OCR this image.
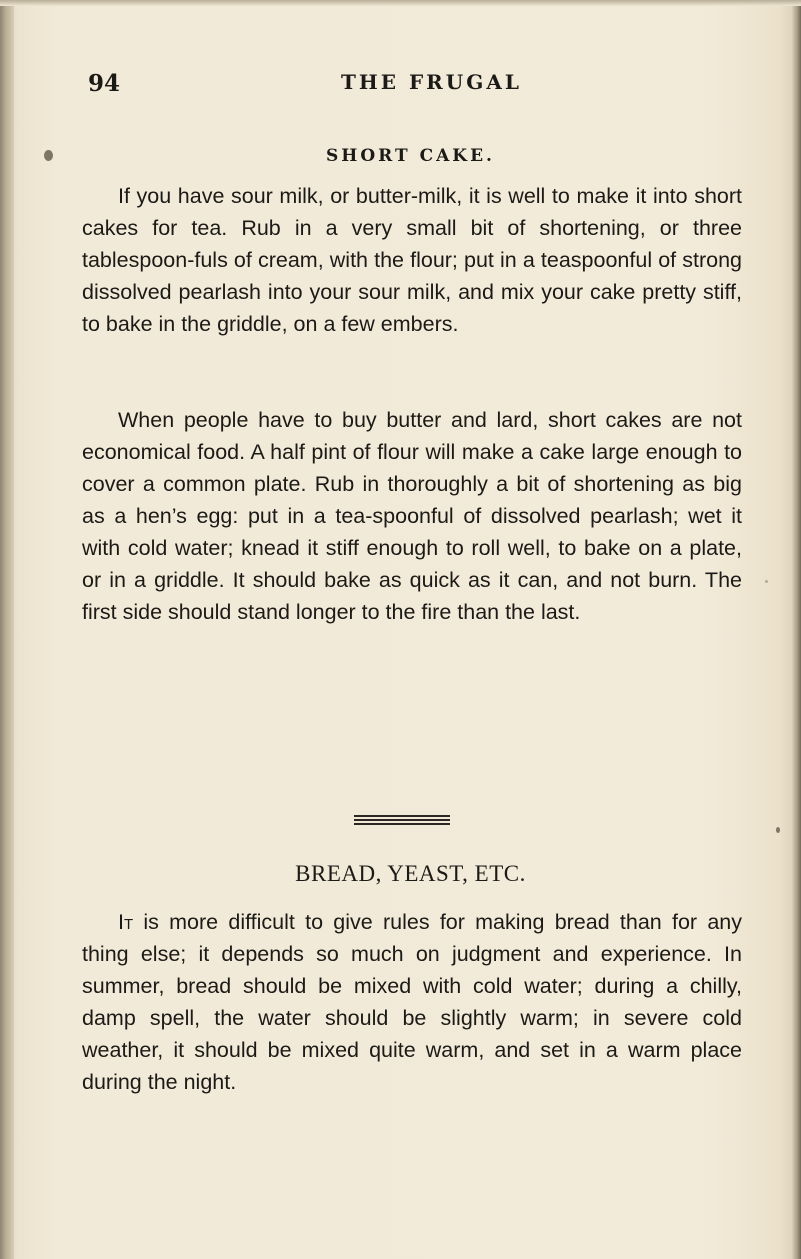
94	THE FRUGAL
SHORT CAKE.
If you have sour milk, or butter-milk, it is well to make it into short cakes for tea. Rub in a very small bit of shortening, or three tablespoon-fuls of cream, with the flour; put in a teaspoonful of strong dissolved pearlash into your sour milk, and mix your cake pretty stiff, to bake in the griddle, on a few embers.
When people have to buy butter and lard, short cakes are not economical food. A half pint of flour will make a cake large enough to cover a common plate. Rub in thoroughly a bit of shortening as big as a hen’s egg: put in a tea-spoonful of dissolved pearlash; wet it with cold water; knead it stiff enough to roll well, to bake on a plate, or in a griddle. It should bake as quick as it can, and not burn. The first side should stand longer to the fire than the last.
BREAD, YEAST, ETC.
It is more difficult to give rules for making bread than for any thing else; it depends so much on judgment and experience. In summer, bread should be mixed with cold water; during a chilly, damp spell, the water should be slightly warm; in severe cold weather, it should be mixed quite warm, and set in a warm place during the night.
